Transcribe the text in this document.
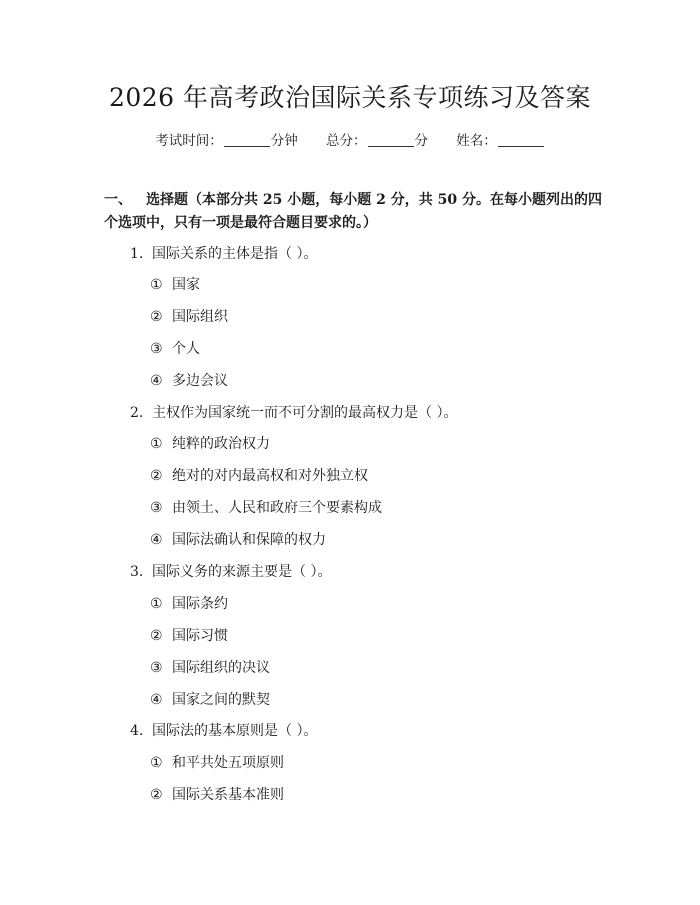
2026 年高考政治国际关系专项练习及答案
考试时间：	分钟 总分：	分 姓名：
一、 选择题（本部分共 25 小题，每小题 2 分，共 50 分。在每小题列出的四个选项中，只有一项是最符合题目要求的。）
1. 国际关系的主体是指（ ）。
① 国家
② 国际组织
③ 个人
④ 多边会议
2. 主权作为国家统一而不可分割的最高权力是（ ）。
① 纯粹的政治权力
② 绝对的对内最高权和对外独立权
③ 由领土、人民和政府三个要素构成
④ 国际法确认和保障的权力
3. 国际义务的来源主要是（ ）。
① 国际条约
② 国际习惯
③ 国际组织的决议
④ 国家之间的默契
4. 国际法的基本原则是（ ）。
① 和平共处五项原则
② 国际关系基本准则
